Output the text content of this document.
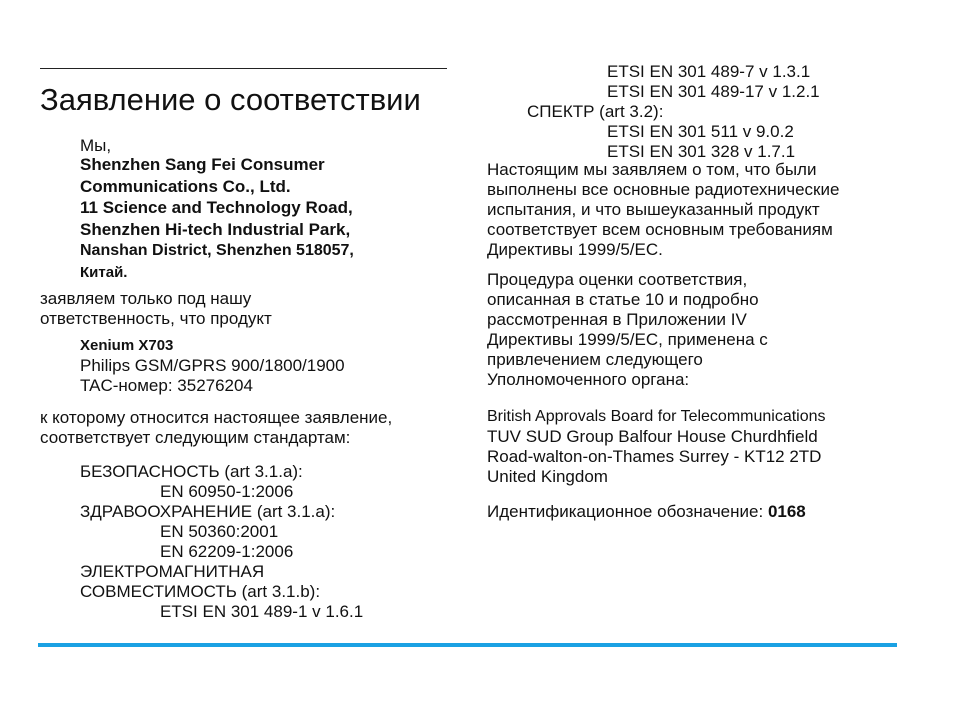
Заявление о соответствии
Мы,
Shenzhen Sang Fei Consumer
Communications Co., Ltd.
11 Science and Technology Road,
Shenzhen Hi-tech Industrial Park,
Nanshan District, Shenzhen 518057,
Китай.
заявляем только под нашу
ответственность, что продукт
Xenium X703
Philips GSM/GPRS 900/1800/1900
TAC-номер: 35276204
к которому относится настоящее заявление,
соответствует следующим стандартам:
БЕЗОПАСНОСТЬ (art 3.1.a):
EN 60950-1:2006
ЗДРАВООХРАНЕНИЕ (art 3.1.a):
EN 50360:2001
EN 62209-1:2006
ЭЛЕКТРОМАГНИТНАЯ
СОВМЕСТИМОСТЬ (art 3.1.b):
ETSI EN 301 489-1 v 1.6.1
ETSI EN 301 489-7 v 1.3.1
ETSI EN 301 489-17 v 1.2.1
СПЕКТР (art 3.2):
ETSI EN 301 511 v 9.0.2
ETSI EN 301 328 v 1.7.1
Настоящим мы заявляем о том, что были
выполнены все основные радиотехнические
испытания, и что вышеуказанный продукт
соответствует всем основным требованиям
Директивы 1999/5/EC.
Процедура оценки соответствия,
описанная в статье 10 и подробно
рассмотренная в Приложении IV
Директивы 1999/5/EC, применена с
привлечением следующего
Уполномоченного органа:
British Approvals Board for Telecommunications
TUV SUD Group Balfour House Churdhfield
Road-walton-on-Thames Surrey - KT12 2TD
United Kingdom
Идентификационное обозначение: 0168
